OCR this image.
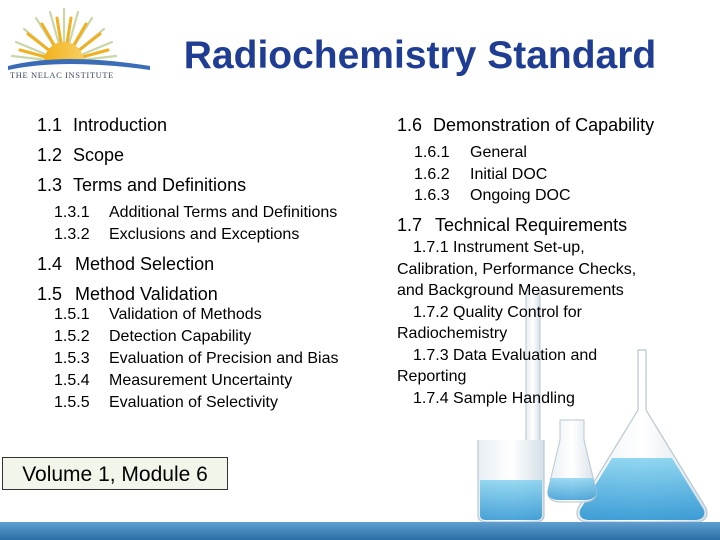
THE NELAC INSTITUTE	Radiochemistry Standard
1.1 Introduction
1.2 Scope
1.3 Terms and Definitions
1.3.1 Additional Terms and Definitions
1.3.2 Exclusions and Exceptions
1.4 Method Selection
1.5 Method Validation
1.5.1 Validation of Methods
1.5.2 Detection Capability
1.5.3 Evaluation of Precision and Bias
1.5.4 Measurement Uncertainty
1.5.5 Evaluation of Selectivity
1.6 Demonstration of Capability
1.6.1 General
1.6.2 Initial DOC
1.6.3 Ongoing DOC
1.7 Technical Requirements
1.7.1 Instrument Set-up,
Calibration, Performance Checks,
and Background Measurements
1.7.2 Quality Control for
Radiochemistry
1.7.3 Data Evaluation and
Reporting
1.7.4 Sample Handling
Volume 1, Module 6
